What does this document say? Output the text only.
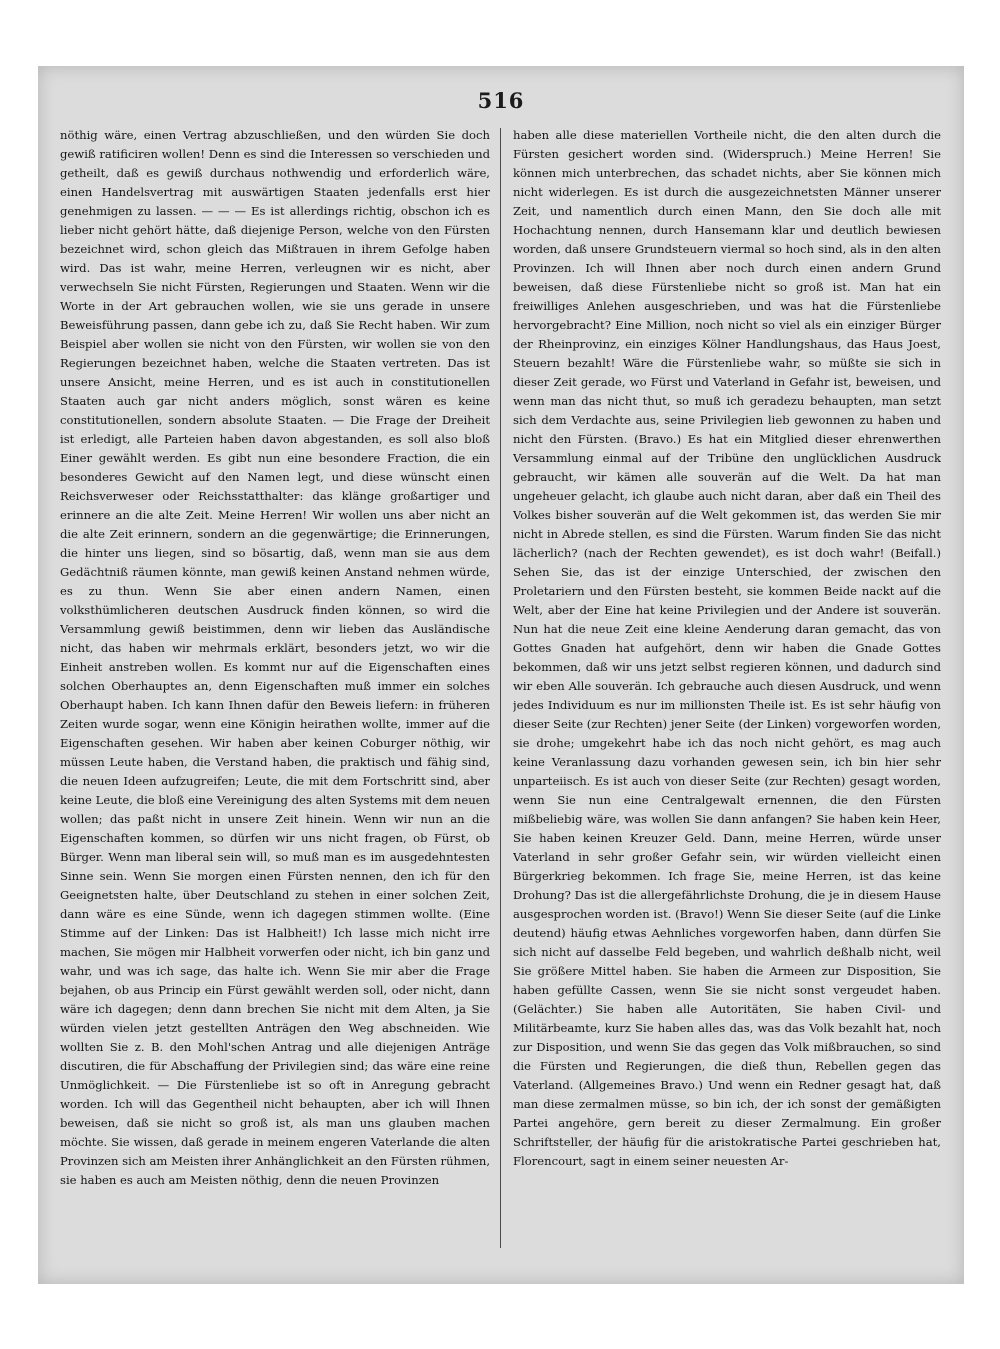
516

nöthig wäre, einen Vertrag abzuschließen, und den würden Sie doch gewiß ratificiren wollen! Denn es sind die Interessen so verschieden und getheilt, daß es gewiß durchaus nothwendig und erforderlich wäre, einen Handelsvertrag mit auswärtigen Staaten jedenfalls erst hier genehmigen zu lassen. — — — Es ist allerdings richtig, obschon ich es lieber nicht gehört hätte, daß diejenige Person, welche von den Fürsten bezeichnet wird, schon gleich das Mißtrauen in ihrem Gefolge haben wird. Das ist wahr, meine Herren, verleugnen wir es nicht, aber verwechseln Sie nicht Fürsten, Regierungen und Staaten. Wenn wir die Worte in der Art gebrauchen wollen, wie sie uns gerade in unsere Beweisführung passen, dann gebe ich zu, daß Sie Recht haben. Wir zum Beispiel aber wollen sie nicht von den Fürsten, wir wollen sie von den Regierungen bezeichnet haben, welche die Staaten vertreten. Das ist unsere Ansicht, meine Herren, und es ist auch in constitutionellen Staaten auch gar nicht anders möglich, sonst wären es keine constitutionellen, sondern absolute Staaten. — Die Frage der Dreiheit ist erledigt, alle Parteien haben davon abgestanden, es soll also bloß Einer gewählt werden. Es gibt nun eine besondere Fraction, die ein besonderes Gewicht auf den Namen legt, und diese wünscht einen Reichsverweser oder Reichsstatthalter: das klänge großartiger und erinnere an die alte Zeit. Meine Herren! Wir wollen uns aber nicht an die alte Zeit erinnern, sondern an die gegenwärtige; die Erinnerungen, die hinter uns liegen, sind so bösartig, daß, wenn man sie aus dem Gedächtniß räumen könnte, man gewiß keinen Anstand nehmen würde, es zu thun. Wenn Sie aber einen andern Namen, einen volksthümlicheren deutschen Ausdruck finden können, so wird die Versammlung gewiß beistimmen, denn wir lieben das Ausländische nicht, das haben wir mehrmals erklärt, besonders jetzt, wo wir die Einheit anstreben wollen. Es kommt nur auf die Eigenschaften eines solchen Oberhauptes an, denn Eigenschaften muß immer ein solches Oberhaupt haben. Ich kann Ihnen dafür den Beweis liefern: in früheren Zeiten wurde sogar, wenn eine Königin heirathen wollte, immer auf die Eigenschaften gesehen. Wir haben aber keinen Coburger nöthig, wir müssen Leute haben, die Verstand haben, die praktisch und fähig sind, die neuen Ideen aufzugreifen; Leute, die mit dem Fortschritt sind, aber keine Leute, die bloß eine Vereinigung des alten Systems mit dem neuen wollen; das paßt nicht in unsere Zeit hinein. Wenn wir nun an die Eigenschaften kommen, so dürfen wir uns nicht fragen, ob Fürst, ob Bürger. Wenn man liberal sein will, so muß man es im ausgedehntesten Sinne sein. Wenn Sie morgen einen Fürsten nennen, den ich für den Geeignetsten halte, über Deutschland zu stehen in einer solchen Zeit, dann wäre es eine Sünde, wenn ich dagegen stimmen wollte. (Eine Stimme auf der Linken: Das ist Halbheit!) Ich lasse mich nicht irre machen, Sie mögen mir Halbheit vorwerfen oder nicht, ich bin ganz und wahr, und was ich sage, das halte ich. Wenn Sie mir aber die Frage bejahen, ob aus Princip ein Fürst gewählt werden soll, oder nicht, dann wäre ich dagegen; denn dann brechen Sie nicht mit dem Alten, ja Sie würden vielen jetzt gestellten Anträgen den Weg abschneiden. Wie wollten Sie z. B. den Mohl'schen Antrag und alle diejenigen Anträge discutiren, die für Abschaffung der Privilegien sind; das wäre eine reine Unmöglichkeit. — Die Fürstenliebe ist so oft in Anregung gebracht worden. Ich will das Gegentheil nicht behaupten, aber ich will Ihnen beweisen, daß sie nicht so groß ist, als man uns glauben machen möchte. Sie wissen, daß gerade in meinem engeren Vaterlande die alten Provinzen sich am Meisten ihrer Anhänglichkeit an den Fürsten rühmen, sie haben es auch am Meisten nöthig, denn die neuen Provinzen

haben alle diese materiellen Vortheile nicht, die den alten durch die Fürsten gesichert worden sind. (Widerspruch.) Meine Herren! Sie können mich unterbrechen, das schadet nichts, aber Sie können mich nicht widerlegen. Es ist durch die ausgezeichnetsten Männer unserer Zeit, und namentlich durch einen Mann, den Sie doch alle mit Hochachtung nennen, durch Hansemann klar und deutlich bewiesen worden, daß unsere Grundsteuern viermal so hoch sind, als in den alten Provinzen. Ich will Ihnen aber noch durch einen andern Grund beweisen, daß diese Fürstenliebe nicht so groß ist. Man hat ein freiwilliges Anlehen ausgeschrieben, und was hat die Fürstenliebe hervorgebracht? Eine Million, noch nicht so viel als ein einziger Bürger der Rheinprovinz, ein einziges Kölner Handlungshaus, das Haus Joest, Steuern bezahlt! Wäre die Fürstenliebe wahr, so müßte sie sich in dieser Zeit gerade, wo Fürst und Vaterland in Gefahr ist, beweisen, und wenn man das nicht thut, so muß ich geradezu behaupten, man setzt sich dem Verdachte aus, seine Privilegien lieb gewonnen zu haben und nicht den Fürsten. (Bravo.) Es hat ein Mitglied dieser ehrenwerthen Versammlung einmal auf der Tribüne den unglücklichen Ausdruck gebraucht, wir kämen alle souverän auf die Welt. Da hat man ungeheuer gelacht, ich glaube auch nicht daran, aber daß ein Theil des Volkes bisher souverän auf die Welt gekommen ist, das werden Sie mir nicht in Abrede stellen, es sind die Fürsten. Warum finden Sie das nicht lächerlich? (nach der Rechten gewendet), es ist doch wahr! (Beifall.) Sehen Sie, das ist der einzige Unterschied, der zwischen den Proletariern und den Fürsten besteht, sie kommen Beide nackt auf die Welt, aber der Eine hat keine Privilegien und der Andere ist souverän. Nun hat die neue Zeit eine kleine Aenderung daran gemacht, das von Gottes Gnaden hat aufgehört, denn wir haben die Gnade Gottes bekommen, daß wir uns jetzt selbst regieren können, und dadurch sind wir eben Alle souverän. Ich gebrauche auch diesen Ausdruck, und wenn jedes Individuum es nur im millionsten Theile ist. Es ist sehr häufig von dieser Seite (zur Rechten) jener Seite (der Linken) vorgeworfen worden, sie drohe; umgekehrt habe ich das noch nicht gehört, es mag auch keine Veranlassung dazu vorhanden gewesen sein, ich bin hier sehr unparteiisch. Es ist auch von dieser Seite (zur Rechten) gesagt worden, wenn Sie nun eine Centralgewalt ernennen, die den Fürsten mißbeliebig wäre, was wollen Sie dann anfangen? Sie haben kein Heer, Sie haben keinen Kreuzer Geld. Dann, meine Herren, würde unser Vaterland in sehr großer Gefahr sein, wir würden vielleicht einen Bürgerkrieg bekommen. Ich frage Sie, meine Herren, ist das keine Drohung? Das ist die allergefährlichste Drohung, die je in diesem Hause ausgesprochen worden ist. (Bravo!) Wenn Sie dieser Seite (auf die Linke deutend) häufig etwas Aehnliches vorgeworfen haben, dann dürfen Sie sich nicht auf dasselbe Feld begeben, und wahrlich deßhalb nicht, weil Sie größere Mittel haben. Sie haben die Armeen zur Disposition, Sie haben gefüllte Cassen, wenn Sie sie nicht sonst vergeudet haben. (Gelächter.) Sie haben alle Autoritäten, Sie haben Civil- und Militärbeamte, kurz Sie haben alles das, was das Volk bezahlt hat, noch zur Disposition, und wenn Sie das gegen das Volk mißbrauchen, so sind die Fürsten und Regierungen, die dieß thun, Rebellen gegen das Vaterland. (Allgemeines Bravo.) Und wenn ein Redner gesagt hat, daß man diese zermalmen müsse, so bin ich, der ich sonst der gemäßigten Partei angehöre, gern bereit zu dieser Zermalmung. Ein großer Schriftsteller, der häufig für die aristokratische Partei geschrieben hat, Florencourt, sagt in einem seiner neuesten Ar-
